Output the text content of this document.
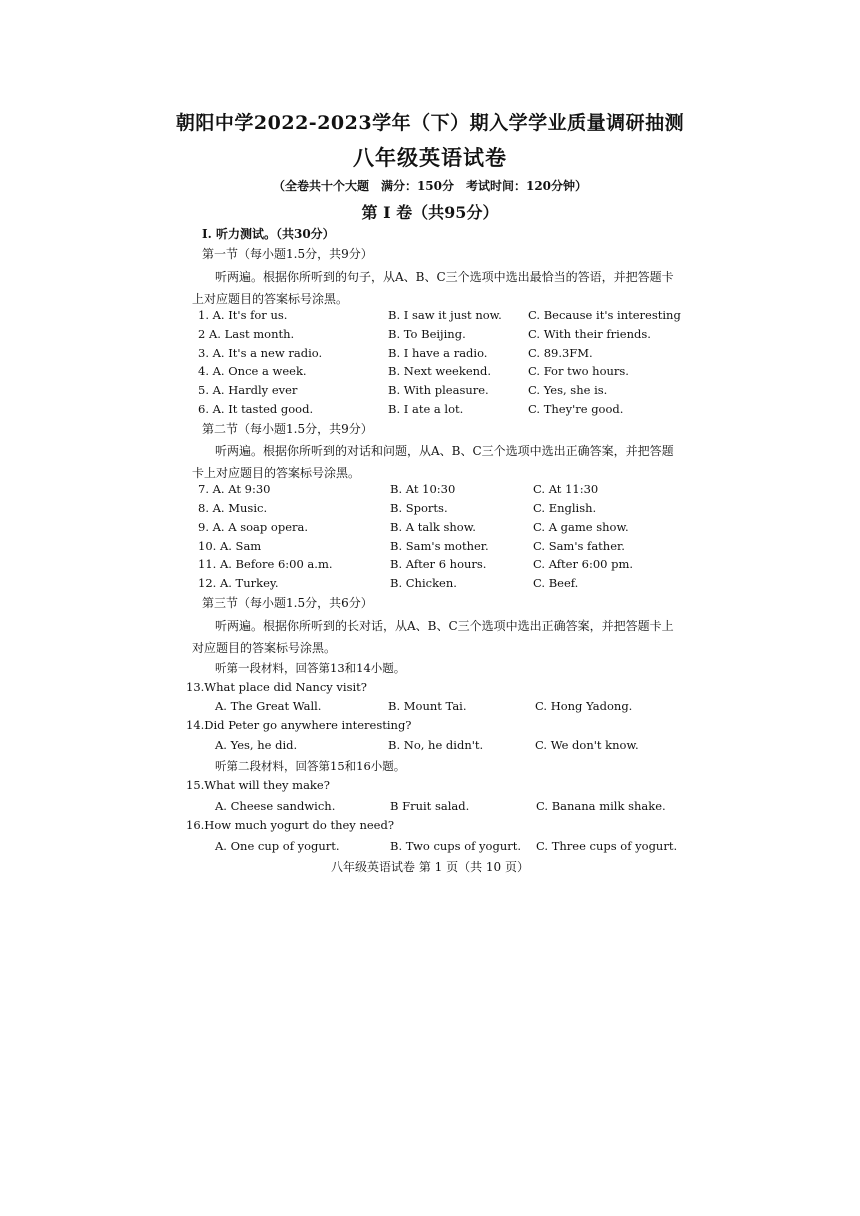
朝阳中学2022-2023学年（下）期入学学业质量调研抽测
八年级英语试卷
（全卷共十个大题　满分：150分　考试时间：120分钟）
第 I 卷（共95分）
I. 听力测试。（共30分）
第一节（每小题1.5分，共9分）
听两遍。根据你所听到的句子，从A、B、C三个选项中选出最恰当的答语，并把答题卡
上对应题目的答案标号涂黑。
1. A. It's for us.	B. I saw it just now. C. Because it's interesting
2 A. Last month.	B. To Beijing.	C. With their friends.
3. A. It's a new radio.	B. I have a radio.	C. 89.3FM.
4. A. Once a week.	B. Next weekend.	C. For two hours.
5. A. Hardly ever	B. With pleasure.	C. Yes, she is.
6. A. It tasted good.	B. I ate a lot.	C. They're good.
第二节（每小题1.5分，共9分）
听两遍。根据你所听到的对话和问题，从A、B、C三个选项中选出正确答案，并把答题
卡上对应题目的答案标号涂黑。
7. A. At 9:30	B. At 10:30	C. At 11:30
8. A. Music.	B. Sports.	C. English.
9. A. A soap opera.	B. A talk show.	C. A game show.
10. A. Sam	B. Sam's mother.	C. Sam's father.
11. A. Before 6:00 a.m.	B. After 6 hours.	C. After 6:00 pm.
12. A. Turkey.	B. Chicken.	C. Beef.
第三节（每小题1.5分，共6分）
听两遍。根据你所听到的长对话，从A、B、C三个选项中选出正确答案，并把答题卡上
对应题目的答案标号涂黑。
听第一段材料，回答第13和14小题。
13.What place did Nancy visit?
A. The Great Wall.	B. Mount Tai.	C. Hong Yadong.
14.Did Peter go anywhere interesting?
A. Yes, he did.	B. No, he didn't.	C. We don't know.
听第二段材料，回答第15和16小题。
15.What will they make?
A. Cheese sandwich.	B Fruit salad.	C. Banana milk shake.
16.How much yogurt do they need?
A. One cup of yogurt.	B. Two cups of yogurt. C. Three cups of yogurt.
八年级英语试卷 第 1 页（共 10 页）
